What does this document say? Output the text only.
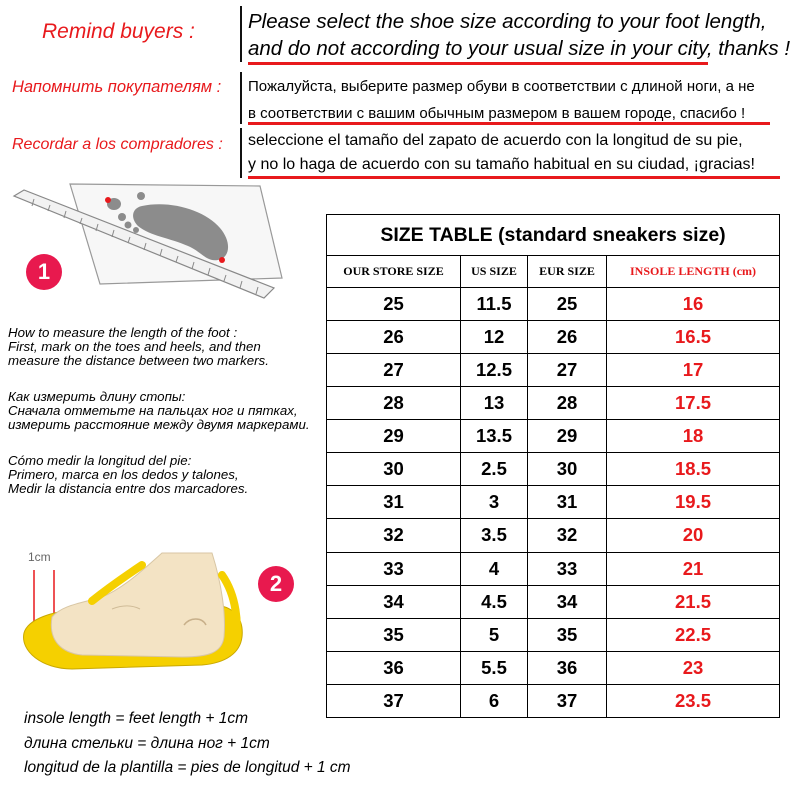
Remind buyers :
Напомнить покупателям :
Recordar a los compradores :
Please select the shoe size according to your foot length,
and do not according to your usual size in your city, thanks !
Пожалуйста, выберите размер обуви в соответствии с длиной ноги, а не
в соответствии с вашим обычным размером в вашем городе, спасибо !
seleccione el tamaño del zapato de acuerdo con la longitud de su pie,
y no lo haga de acuerdo con su tamaño habitual en su ciudad, ¡gracias!
1
How to measure the length of the foot :
First, mark on the toes and heels, and then
measure the distance between two markers.
Как измерить длину стопы:
Сначала отметьте на пальцах ног и пятках,
измерить расстояние между двумя маркерами.
Cómo medir la longitud del pie:
Primero, marca en los dedos y talones,
Medir la distancia entre dos marcadores.
1cm
2
insole length = feet length + 1cm
длина стельки = длина ног + 1cm
longitud de la plantilla = pies de longitud + 1 cm
SIZE TABLE (standard sneakers size)			
OUR STORE SIZE	US SIZE	EUR SIZE	INSOLE LENGTH (cm)
25	11.5	25	16
26	12	26	16.5
27	12.5	27	17
28	13	28	17.5
29	13.5	29	18
30	2.5	30	18.5
31	3	31	19.5
32	3.5	32	20
33	4	33	21
34	4.5	34	21.5
35	5	35	22.5
36	5.5	36	23
37	6	37	23.5
